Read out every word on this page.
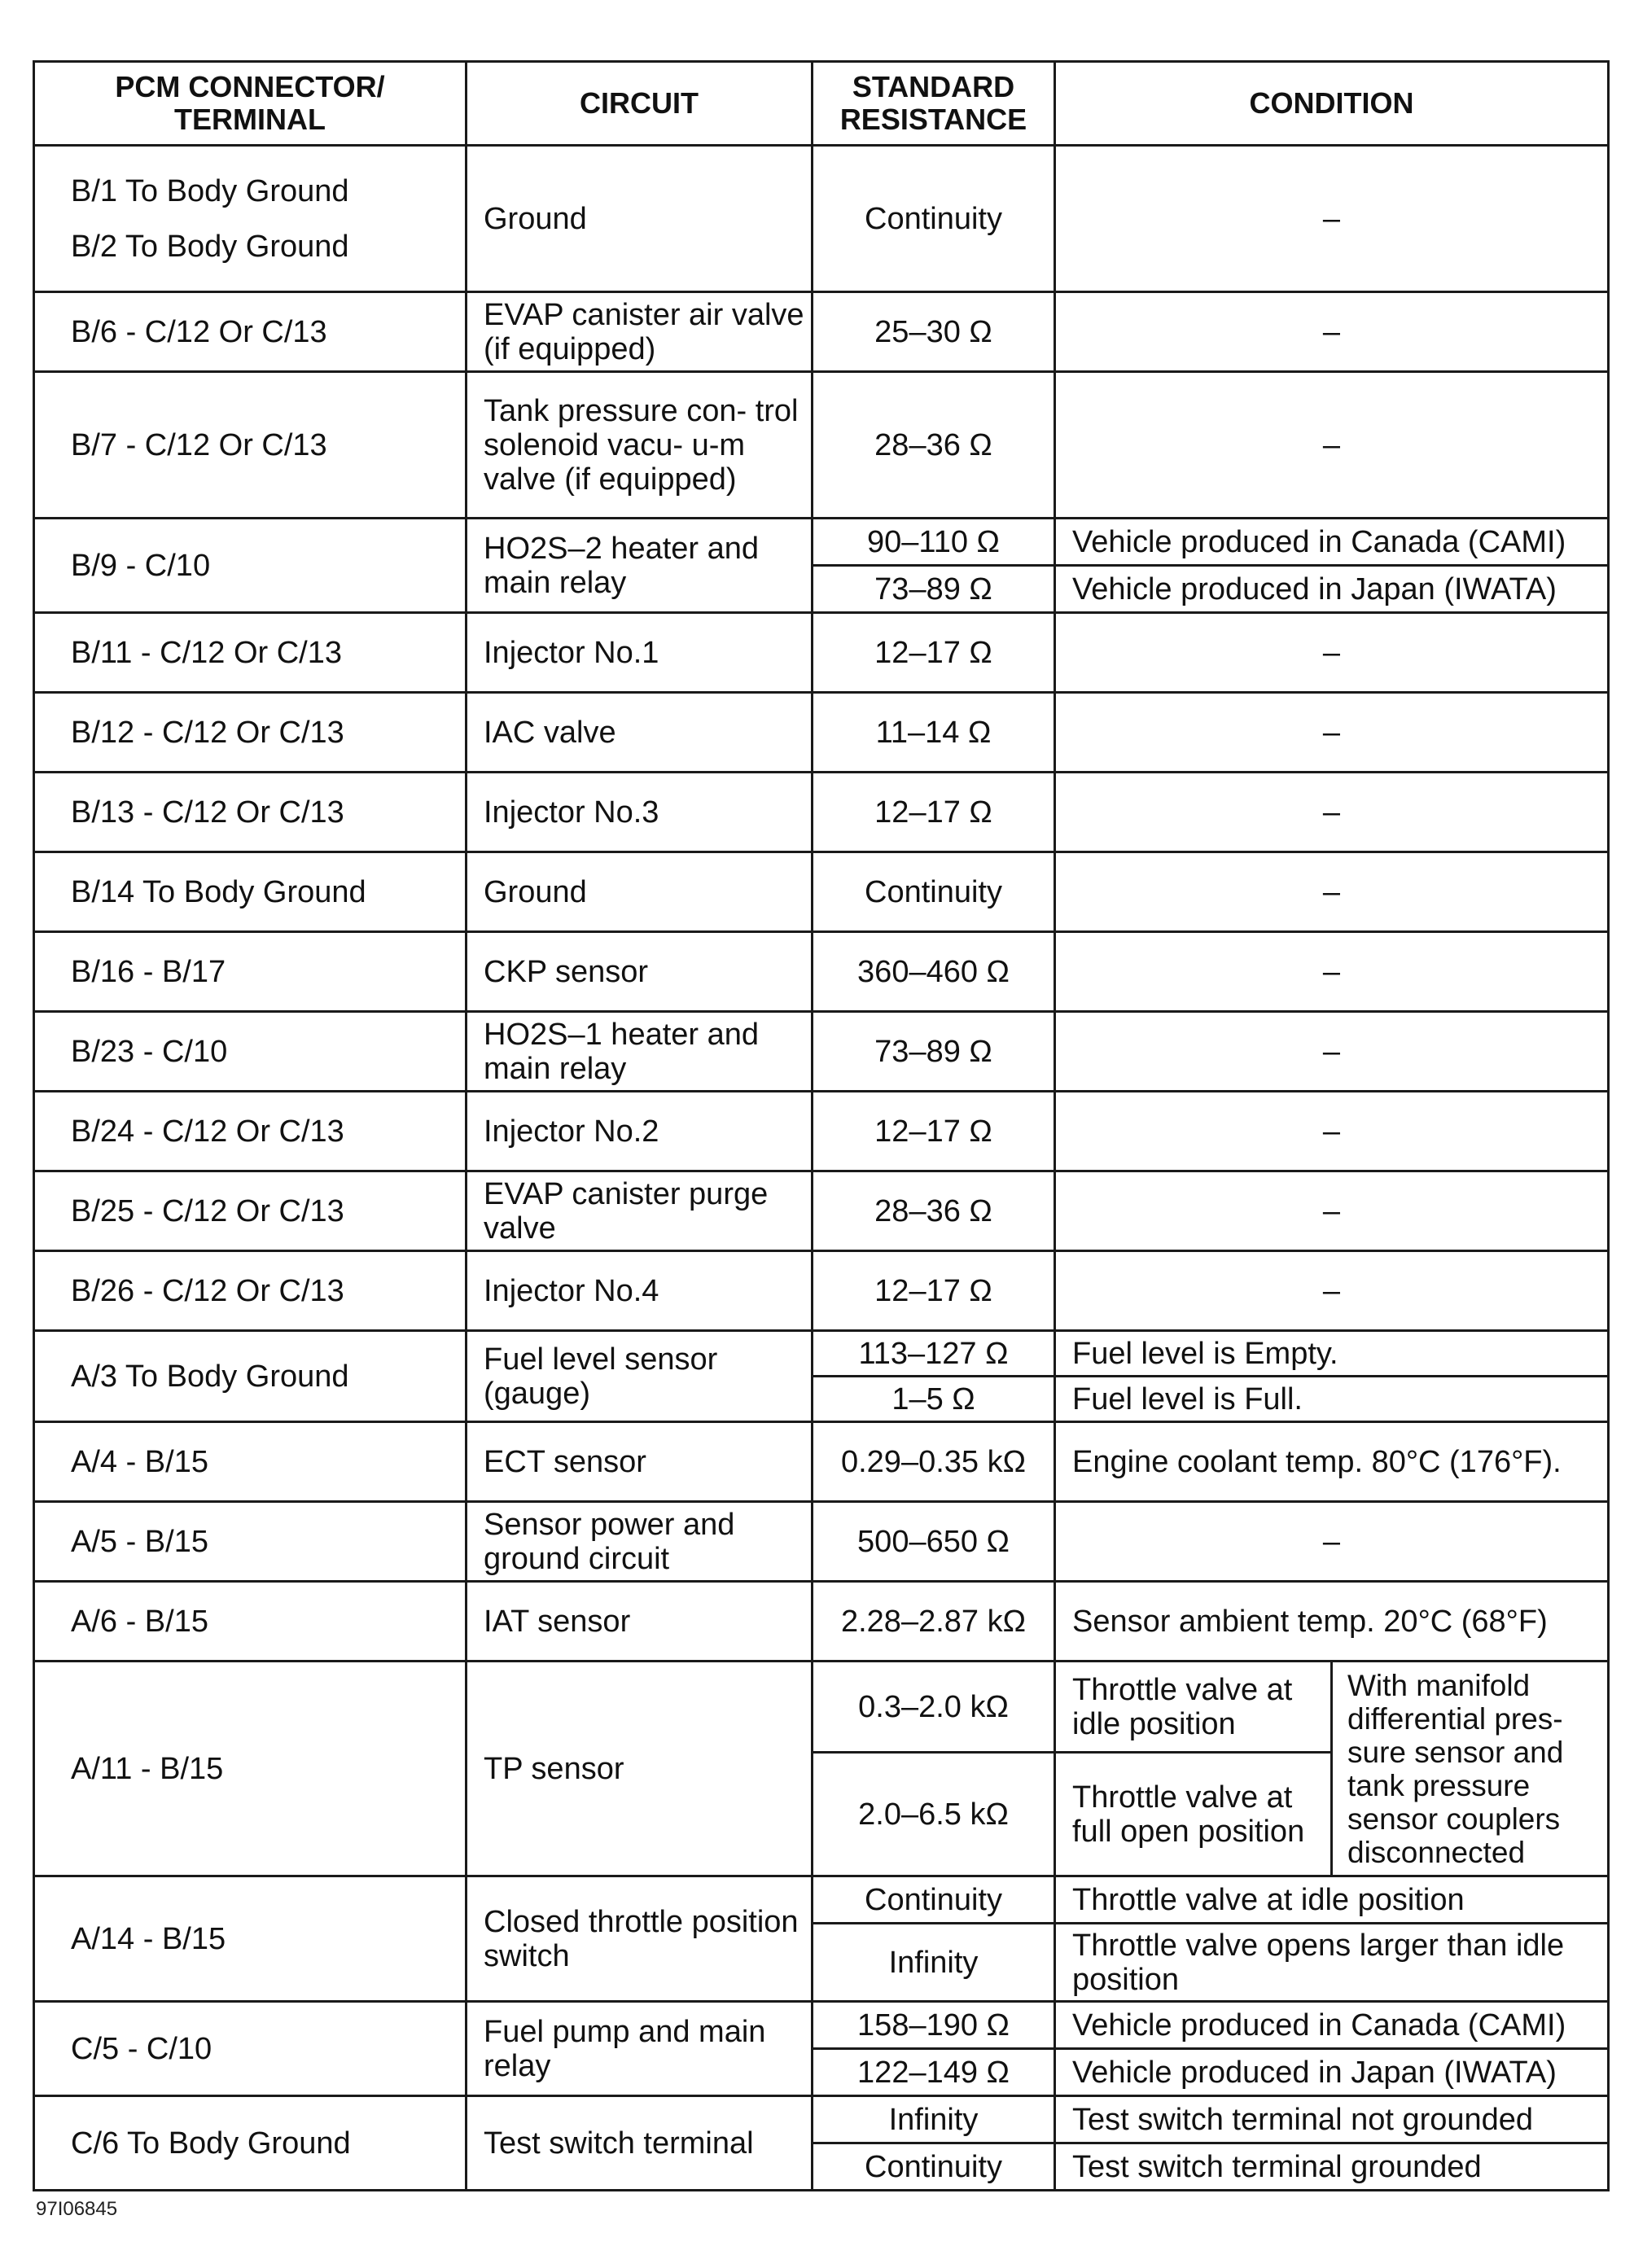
PCM CONNECTOR/ TERMINAL	CIRCUIT	STANDARD RESISTANCE	CONDITION	

B/1 To Body Ground
B/2 To Body Ground	Ground	Continuity	–	
B/6 - C/12 Or C/13	EVAP canister air valve (if equipped)	25–30 Ω	–	
B/7 - C/12 Or C/13	Tank pressure con- trol solenoid vacu- u-m valve (if equipped)	28–36 Ω	–	
B/9 - C/10	HO2S–2 heater and main relay	90–110 Ω	Vehicle produced in Canada (CAMI)	
		73–89 Ω	Vehicle produced in Japan (IWATA)	
B/11 - C/12 Or C/13	Injector No.1	12–17 Ω	–	
B/12 - C/12 Or C/13	IAC valve	11–14 Ω	–	
B/13 - C/12 Or C/13	Injector No.3	12–17 Ω	–	
B/14 To Body Ground	Ground	Continuity	–	
B/16 - B/17	CKP sensor	360–460 Ω	–	
B/23 - C/10	HO2S–1 heater and main relay	73–89 Ω	–	
B/24 - C/12 Or C/13	Injector No.2	12–17 Ω	–	
B/25 - C/12 Or C/13	EVAP canister purge valve	28–36 Ω	–	
B/26 - C/12 Or C/13	Injector No.4	12–17 Ω	–	
A/3 To Body Ground	Fuel level sensor (gauge)	113–127 Ω	Fuel level is Empty.	
		1–5 Ω	Fuel level is Full.	
A/4 - B/15	ECT sensor	0.29–0.35 kΩ	Engine coolant temp. 80°C (176°F).	
A/5 - B/15	Sensor power and ground circuit	500–650 Ω	–	
A/6 - B/15	IAT sensor	2.28–2.87 kΩ	Sensor ambient temp. 20°C (68°F)	
A/11 - B/15	TP sensor	0.3–2.0 kΩ	Throttle valve at idle position	With manifold differential pres- sure sensor and tank pressure sensor couplers disconnected
		2.0–6.5 kΩ	Throttle valve at full open position	
A/14 - B/15	Closed throttle position switch	Continuity	Throttle valve at idle position	
		Infinity	Throttle valve opens larger than idle position	
C/5 - C/10	Fuel pump and main relay	158–190 Ω	Vehicle produced in Canada (CAMI)	
		122–149 Ω	Vehicle produced in Japan (IWATA)	
C/6 To Body Ground	Test switch terminal	Infinity	Test switch terminal not grounded	
		Continuity	Test switch terminal grounded	
97I06845
